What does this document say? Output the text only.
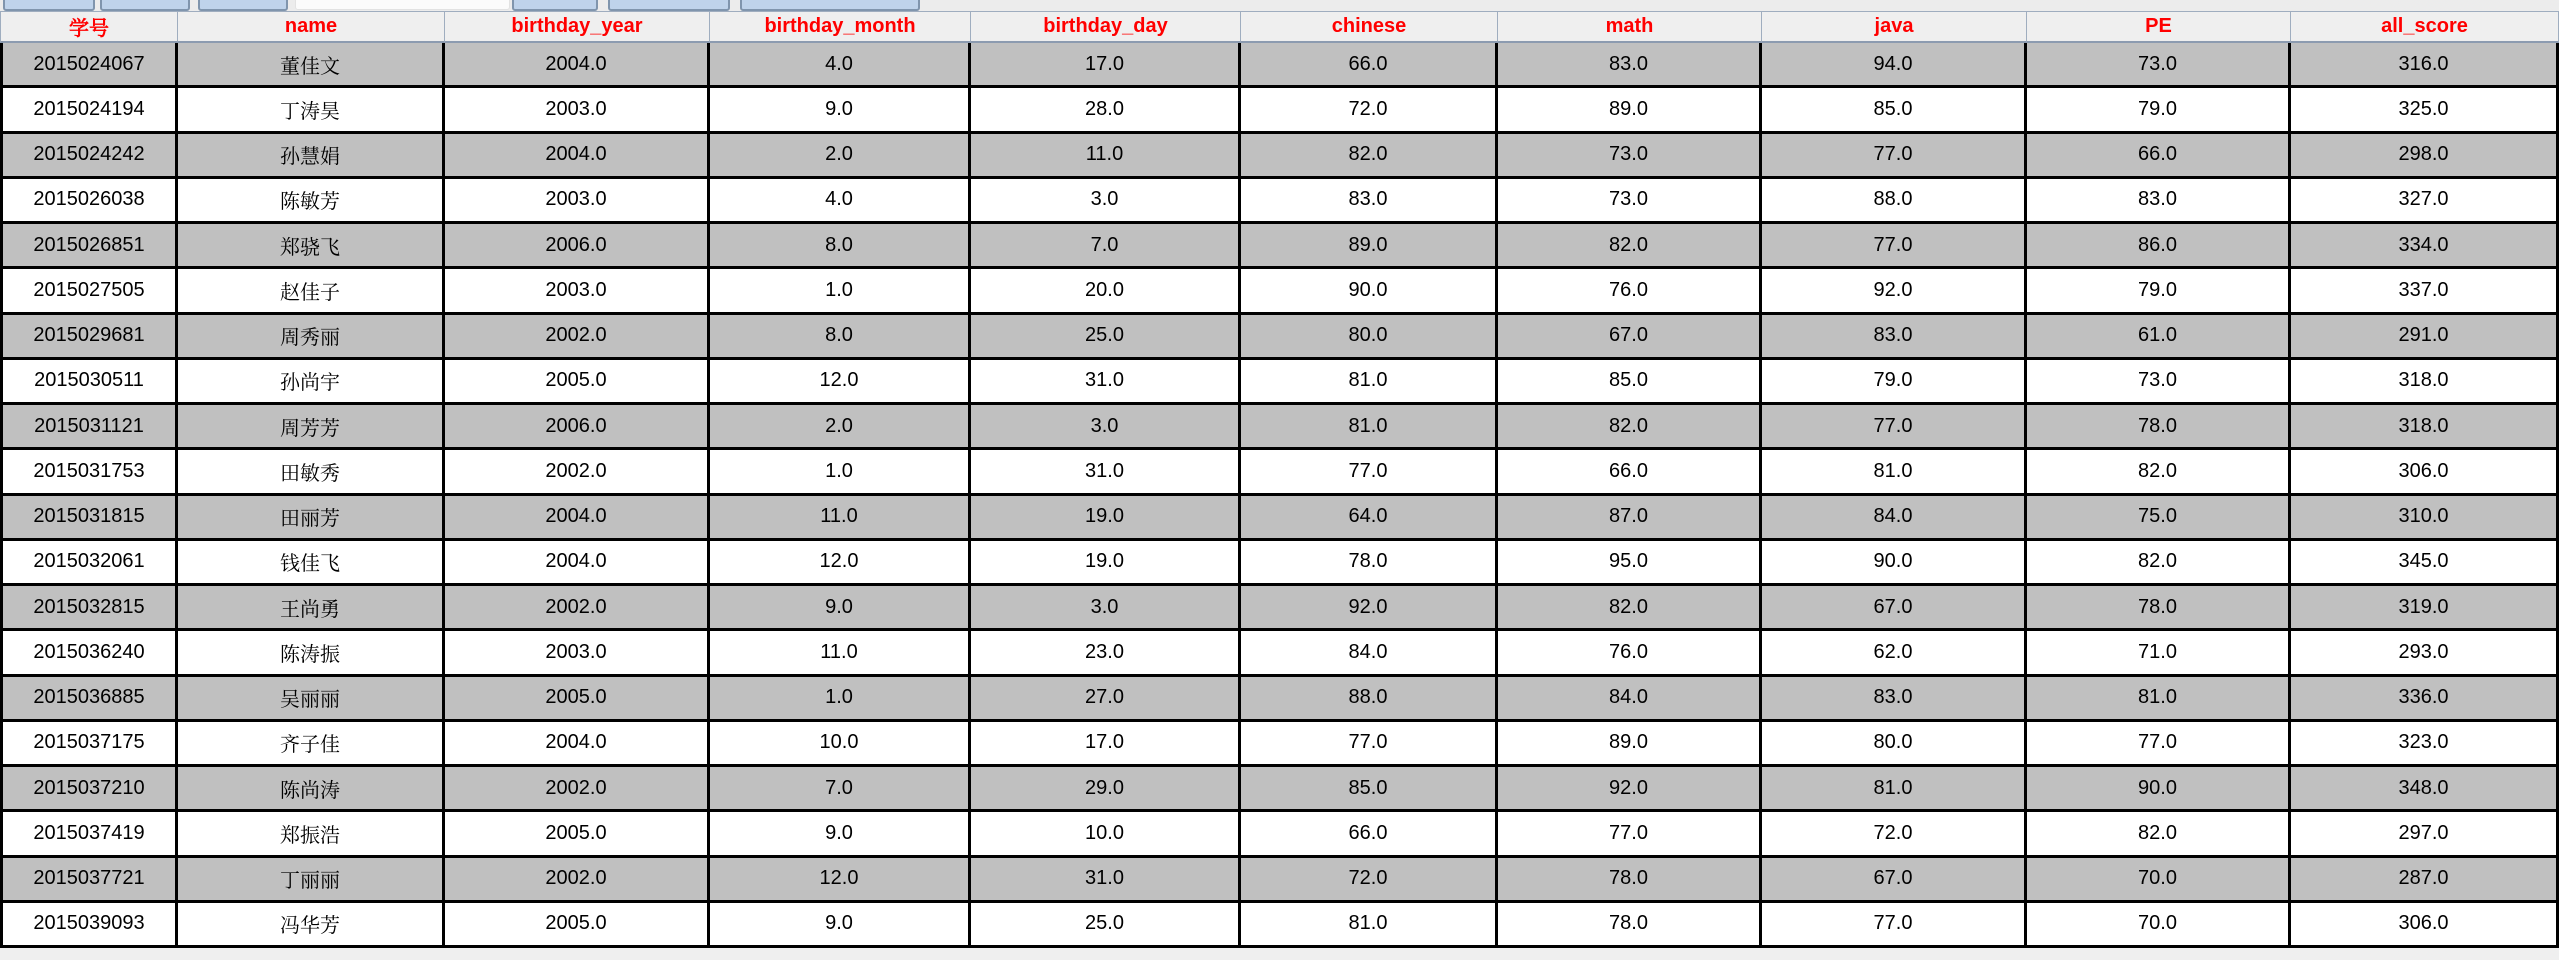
学号	name	birthday_year	birthday_month	birthday_day	chinese	math	java	PE	all_score
2015024067	董佳文	2004.0	4.0	17.0	66.0	83.0	94.0	73.0	316.0
2015024194	丁涛昊	2003.0	9.0	28.0	72.0	89.0	85.0	79.0	325.0
2015024242	孙慧娟	2004.0	2.0	11.0	82.0	73.0	77.0	66.0	298.0
2015026038	陈敏芳	2003.0	4.0	3.0	83.0	73.0	88.0	83.0	327.0
2015026851	郑骁飞	2006.0	8.0	7.0	89.0	82.0	77.0	86.0	334.0
2015027505	赵佳子	2003.0	1.0	20.0	90.0	76.0	92.0	79.0	337.0
2015029681	周秀丽	2002.0	8.0	25.0	80.0	67.0	83.0	61.0	291.0
2015030511	孙尚宇	2005.0	12.0	31.0	81.0	85.0	79.0	73.0	318.0
2015031121	周芳芳	2006.0	2.0	3.0	81.0	82.0	77.0	78.0	318.0
2015031753	田敏秀	2002.0	1.0	31.0	77.0	66.0	81.0	82.0	306.0
2015031815	田丽芳	2004.0	11.0	19.0	64.0	87.0	84.0	75.0	310.0
2015032061	钱佳飞	2004.0	12.0	19.0	78.0	95.0	90.0	82.0	345.0
2015032815	王尚勇	2002.0	9.0	3.0	92.0	82.0	67.0	78.0	319.0
2015036240	陈涛振	2003.0	11.0	23.0	84.0	76.0	62.0	71.0	293.0
2015036885	吴丽丽	2005.0	1.0	27.0	88.0	84.0	83.0	81.0	336.0
2015037175	齐子佳	2004.0	10.0	17.0	77.0	89.0	80.0	77.0	323.0
2015037210	陈尚涛	2002.0	7.0	29.0	85.0	92.0	81.0	90.0	348.0
2015037419	郑振浩	2005.0	9.0	10.0	66.0	77.0	72.0	82.0	297.0
2015037721	丁丽丽	2002.0	12.0	31.0	72.0	78.0	67.0	70.0	287.0
2015039093	冯华芳	2005.0	9.0	25.0	81.0	78.0	77.0	70.0	306.0
